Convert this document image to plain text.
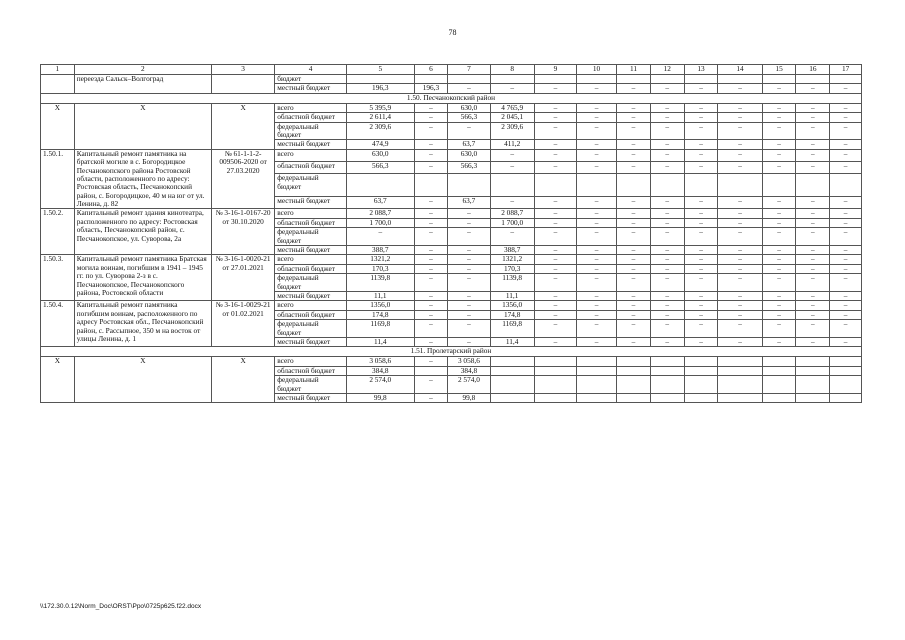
78
1	2	3	4	5	6	7	8	9	10	11	12	13	14	15	16	17
	переезда Сальск–Волгоград		бюджет													
			местный бюджет	196,3	196,3	–	–	–	–	–	–	–	–	–	–	–
1.50. Песчанокопский район																
Х	Х	Х	всего	5 395,9	–	630,0	4 765,9	–	–	–	–	–	–	–	–	–
			областной бюджет	2 611,4	–	566,3	2 045,1	–	–	–	–	–	–	–	–	–
			федеральный бюджет	2 309,6	–	–	2 309,6	–	–	–	–	–	–	–	–	–
			местный бюджет	474,9	–	63,7	411,2	–	–	–	–	–	–	–	–	–
1.50.1.	Капитальный ремонт памятника на братской могиле в с. Богородицкое Песчанокопского района Ростовской области, расположенного по адресу: Ростовская область, Песчанокопский район, с. Богородицкое, 40 м на юг от ул. Ленина, д. 82	№ 61-1-1-2-009506-2020 от 27.03.2020	всего	630,0	–	630,0	–	–	–	–	–	–	–	–	–	–
			областной бюджет	566,3	–	566,3	–	–	–	–	–	–	–	–	–	–
			федеральный бюджет													
			местный бюджет	63,7	–	63,7	–	–	–	–	–	–	–	–	–	–
1.50.2.	Капитальный ремонт здания кинотеатра, расположенного по адресу: Ростовская область, Песчанокопский район, с. Песчанокопское, ул. Суворова, 2а	№ 3-16-1-0167-20 от 30.10.2020	всего	2 088,7	–	–	2 088,7	–	–	–	–	–	–	–	–	–
			областной бюджет	1 700,0	–	–	1 700,0	–	–	–	–	–	–	–	–	–
			федеральный бюджет	–	–	–	–	–	–	–	–	–	–	–	–	–
			местный бюджет	388,7	–	–	388,7	–	–	–	–	–	–	–	–	–
1.50.3.	Капитальный ремонт памятника Братская могила воинам, погибшим в 1941 – 1945 гг. по ул. Суворова 2-з в с. Песчанокопское, Песчанокопского района, Ростовской области	№ 3-16-1-0020-21 от 27.01.2021	всего	1321,2	–	–	1321,2	–	–	–	–	–	–	–	–	–
			областной бюджет	170,3	–	–	170,3	–	–	–	–	–	–	–	–	–
			федеральный бюджет	1139,8	–	–	1139,8	–	–	–	–	–	–	–	–	–
			местный бюджет	11,1	–	–	11,1	–	–	–	–	–	–	–	–	–
1.50.4.	Капитальный ремонт памятника погибшим воинам, расположенного по адресу Ростовская обл., Песчанокопский район, с. Рассыпное, 350 м на восток от улицы Ленина, д. 1	№ 3-16-1-0029-21 от 01.02.2021	всего	1356,0	–	–	1356,0	–	–	–	–	–	–	–	–	–
			областной бюджет	174,8	–	–	174,8	–	–	–	–	–	–	–	–	–
			федеральный бюджет	1169,8	–	–	1169,8	–	–	–	–	–	–	–	–	–
			местный бюджет	11,4	–	–	11,4	–	–	–	–	–	–	–	–	–
1.51. Пролетарский район																
Х	Х	Х	всего	3 058,6	–	3 058,6										
			областной бюджет	384,8		384,8										
			федеральный бюджет	2 574,0	–	2 574,0										
			местный бюджет	99,8	–	99,8										
\\172.30.0.12\Norm_Doc\ORST\Ppo\0725p625.f22.docx
